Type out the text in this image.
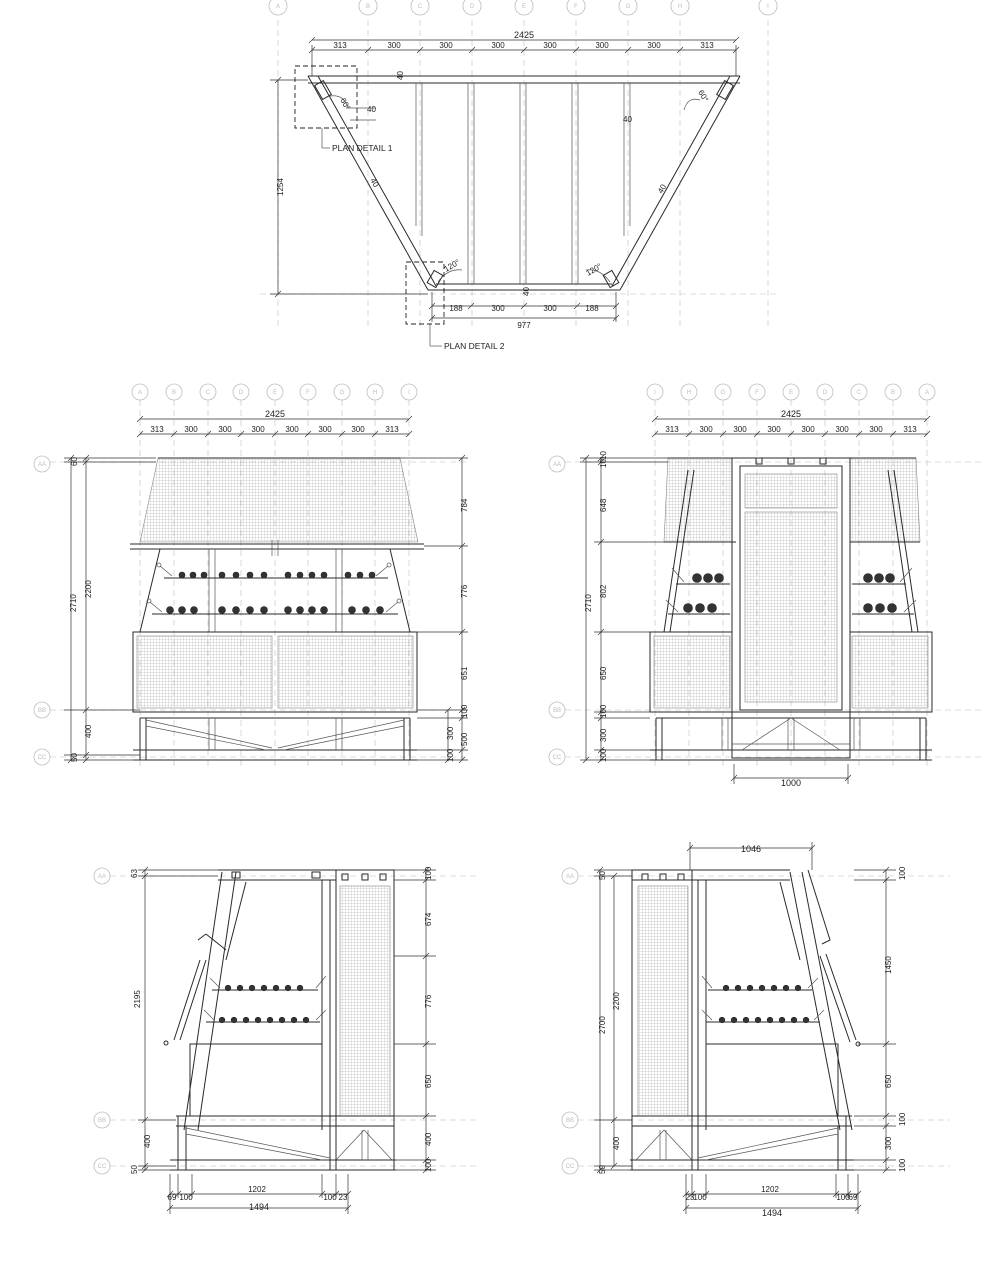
A	B	C	D	E	F	G	H	I
2425
313	300	300	300	300	300	300	313
40
40
40
40
40
40
60°
60°
120°	120°
1254
188	300	300	188
977
PLAN DETAIL 1
PLAN DETAIL 2
A	B	C	D	E	F	G	H	I
AA
BB
CC
2425
313	300	300 300	300 300 300	313
2710
2200
60
400
50
784
776
651
100
500
300
100
I	H	G	F	E	D	C	B	A
AA
BB
CC
2425
313	300	300	300	300	300	300	313
2710
10
10
648
802
650
100
300
100
1000
AA
BB
CC
63
2195
400
50
100
674
776
650
400
100
69 100
1202
100 23
1494
AA
BB
CC
1046
50
2700
2200
400
50
100
1450
650
100
300
100
23
100
1202
100
69
1494
